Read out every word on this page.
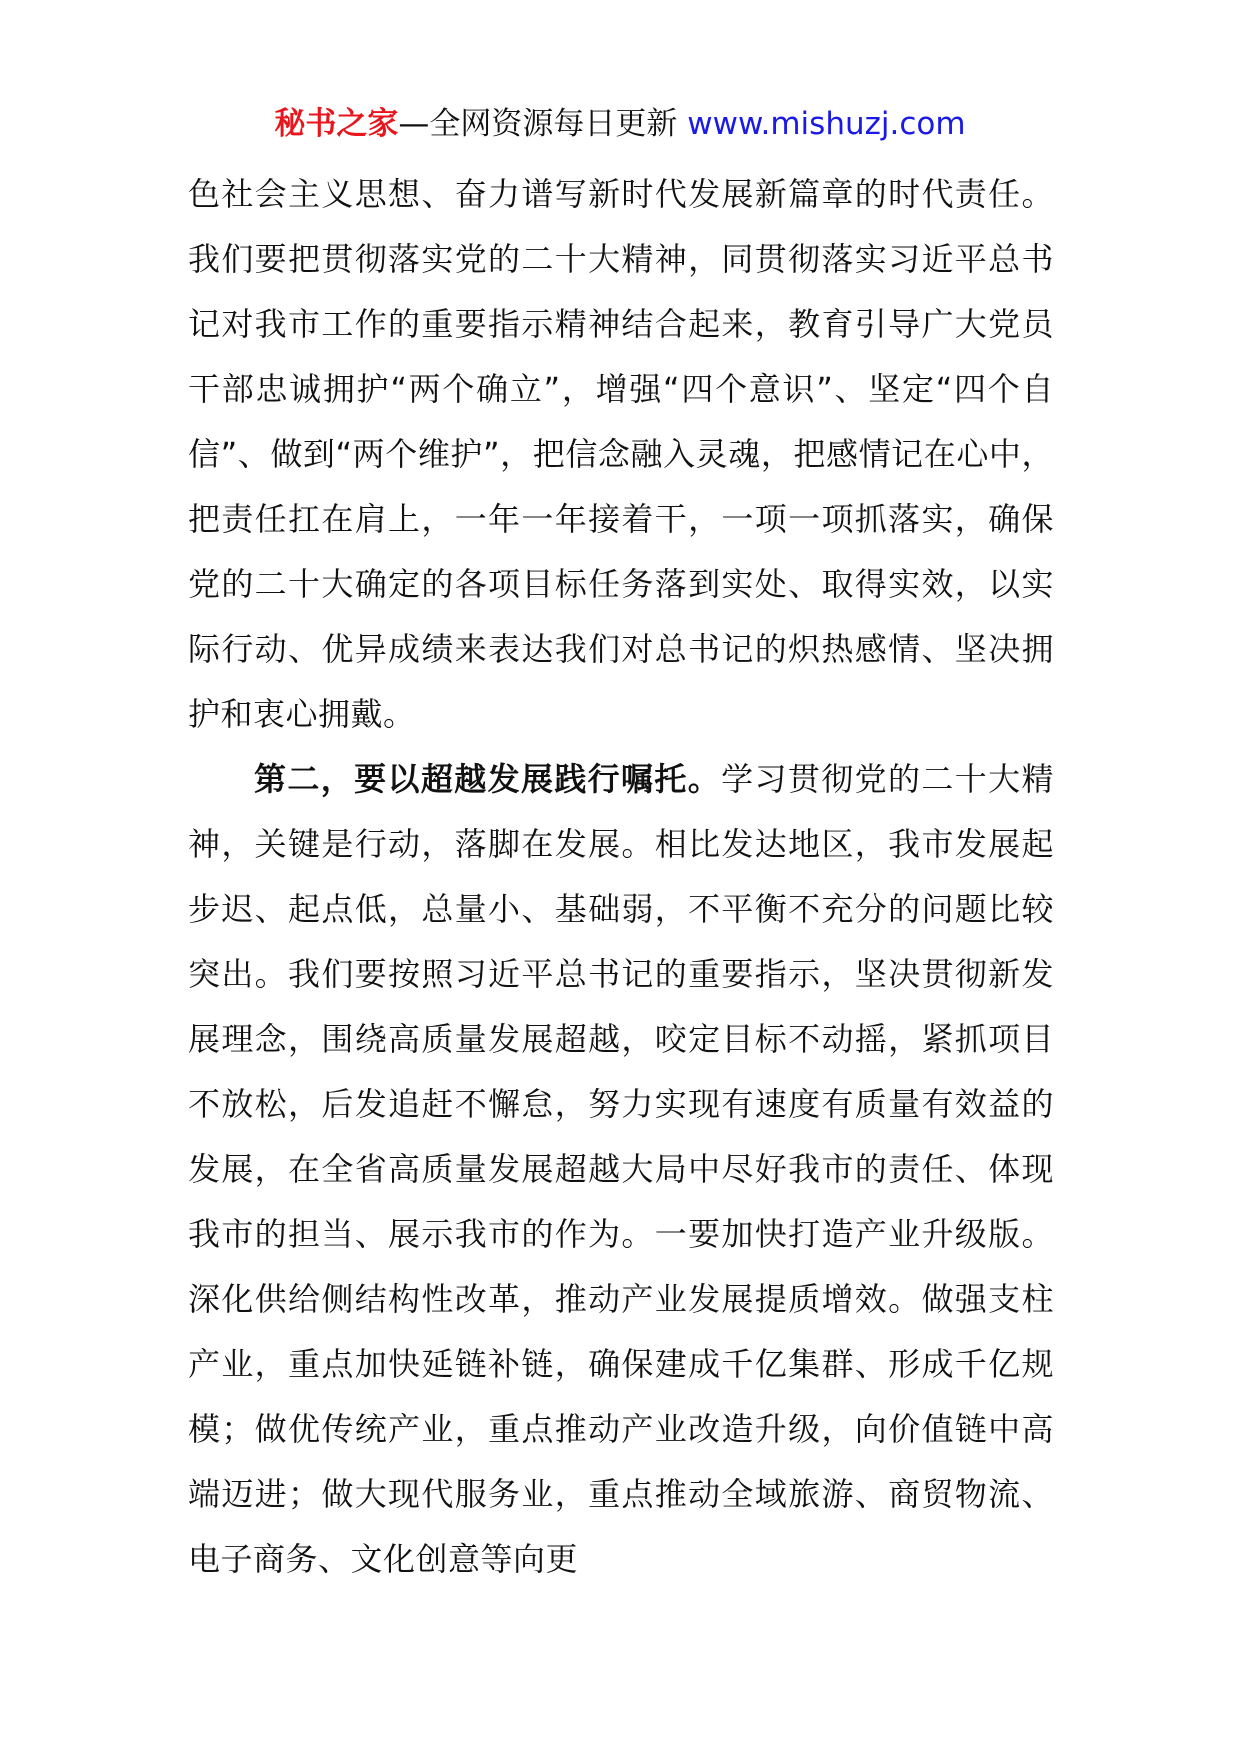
秘书之家—全网资源每日更新 www.mishuzj.com

色社会主义思想、奋力谱写新时代发展新篇章的时代责任。我们要把贯彻落实党的二十大精神，同贯彻落实习近平总书记对我市工作的重要指示精神结合起来，教育引导广大党员干部忠诚拥护“两个确立”，增强“四个意识”、坚定“四个自信”、做到“两个维护”，把信念融入灵魂，把感情记在心中，把责任扛在肩上，一年一年接着干，一项一项抓落实，确保党的二十大确定的各项目标任务落到实处、取得实效，以实际行动、优异成绩来表达我们对总书记的炽热感情、坚决拥护和衷心拥戴。

第二，要以超越发展践行嘱托。学习贯彻党的二十大精神，关键是行动，落脚在发展。相比发达地区，我市发展起步迟、起点低，总量小、基础弱，不平衡不充分的问题比较突出。我们要按照习近平总书记的重要指示，坚决贯彻新发展理念，围绕高质量发展超越，咬定目标不动摇，紧抓项目不放松，后发追赶不懈怠，努力实现有速度有质量有效益的发展，在全省高质量发展超越大局中尽好我市的责任、体现我市的担当、展示我市的作为。一要加快打造产业升级版。深化供给侧结构性改革，推动产业发展提质增效。做强支柱产业，重点加快延链补链，确保建成千亿集群、形成千亿规模；做优传统产业，重点推动产业改造升级，向价值链中高端迈进；做大现代服务业，重点推动全域旅游、商贸物流、电子商务、文化创意等向更
